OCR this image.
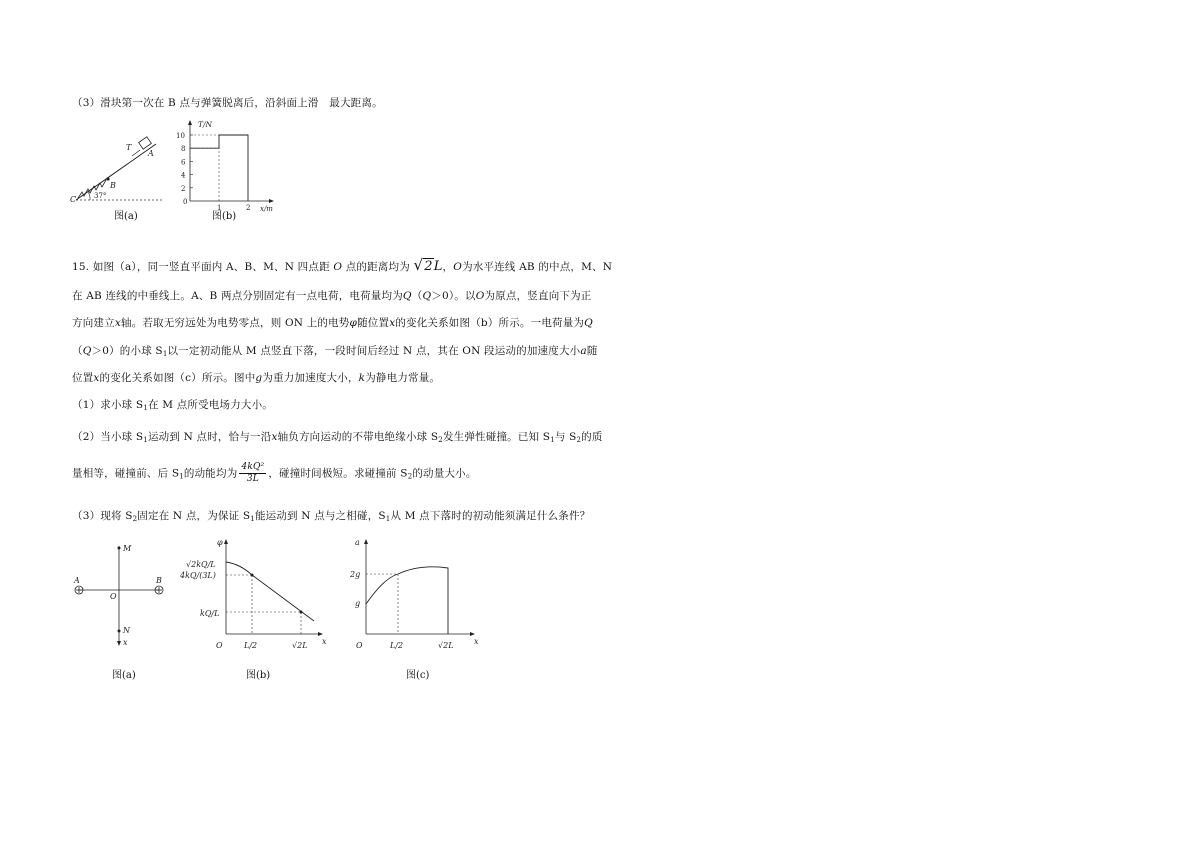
（3）滑块第一次在 B 点与弹簧脱离后，沿斜面上滑　最大距离。
T
A
B
C	37°
图(a)
10
8
6
4
2
0
1	2
T/N
x/m
图(b)
15. 如图（a），同一竖直平面内 A、B、M、N 四点距 O 点的距离均为 √2L，O为水平连线 AB 的中点，M、N
在 AB 连线的中垂线上。A、B 两点分别固定有一点电荷，电荷量均为Q（Q＞0）。以O为原点，竖直向下为正
方向建立x轴。若取无穷远处为电势零点，则 ON 上的电势φ随位置x的变化关系如图（b）所示。一电荷量为Q
（Q＞0）的小球 $S_1$以一定初动能从 M 点竖直下落，一段时间后经过 N 点，其在 ON 段运动的加速度大小a随
位置x的变化关系如图（c）所示。图中g为重力加速度大小，k为静电力常量。
（1）求小球 $S_1$在 M 点所受电场力大小。
（2）当小球 $S_1$运动到 N 点时，恰与一沿x轴负方向运动的不带电绝缘小球 $S_2$发生弹性碰撞。已知 $S_1$与 $S_2$的质
量相等，碰撞前、后 $S_1$的动能均为 $\frac{\text{4kQ²}}{3L}$ ，碰撞时间极短。求碰撞前 $S_2$的动量大小。
（3）现将 $S_2$固定在 N 点，为保证 $S_1$能运动到 N 点与之相碰，$S_1$从 M 点下落时的初动能须满足什么条件？
M
A	B
O
N
x
图(a)
φ
√2kQ/L
4kQ/(3L)
kQ/L
O	L/2	√2L x
图(b)
a
2g
g
O	L/2	√2L	x
图(c)
